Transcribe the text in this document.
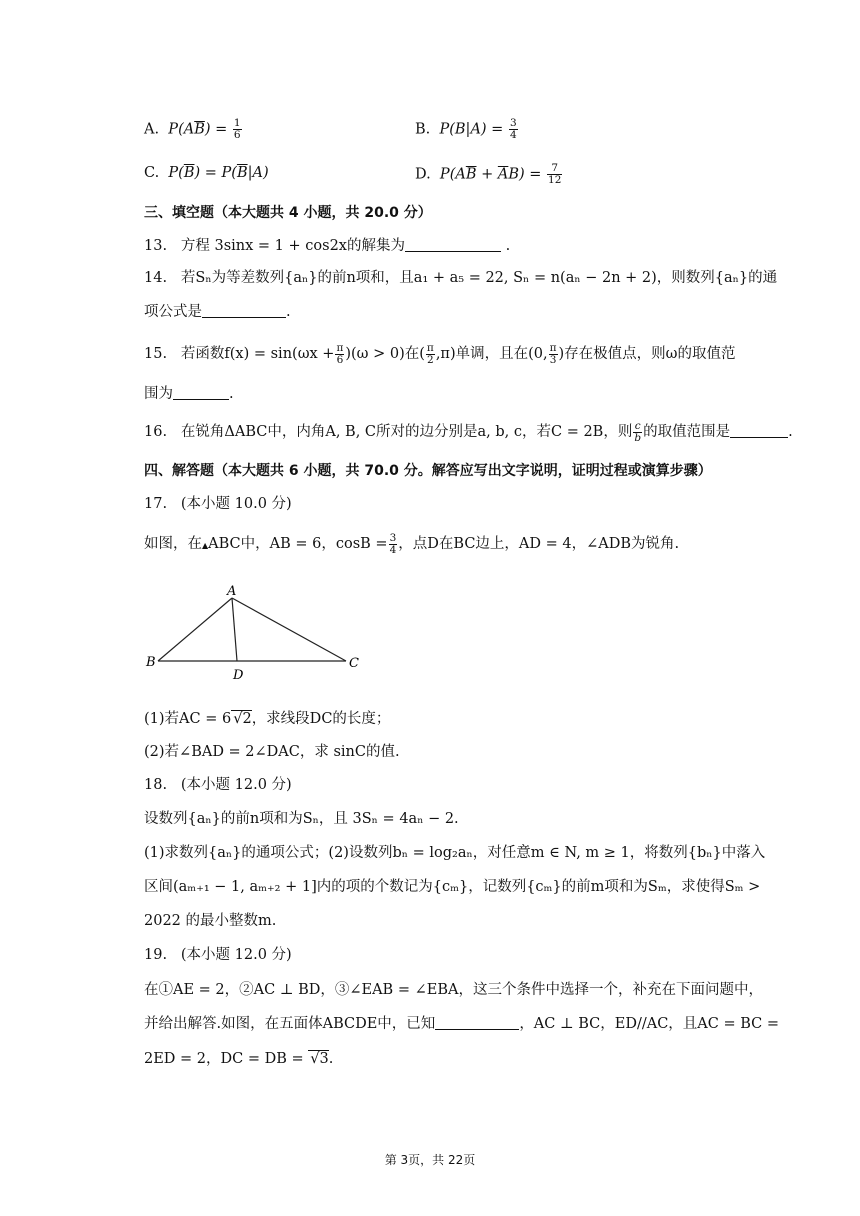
A.  $P(A\overline{B}) = \frac{1}{6}$	B.  $P(B|A) = \frac{3}{4}$
C.  $P(\overline{B}) = P(\overline{B}|A)$	D.  $P(A\overline{B} + \overline{A}B) = \frac{7}{12}$
三、填空题（本大题共 4 小题，共 20.0 分）
13. 方程 3sinx = 1 + cos2x的解集为	.
14. 若Sₙ为等差数列{aₙ}的前n项和，且a₁ + a₅ = 22, Sₙ = n(aₙ − 2n + 2)，则数列{aₙ}的通
项公式是	.
15. 若函数$f(x) = \sin(\omega x + \frac{\pi}{6} )(\omega > 0)$在( $\frac{\pi}{2} ,\pi$)单调，且在(0, $\frac{\pi}{3}$ )存在极值点，则ω的取值范
围为	.
16. 在锐角ΔABC中，内角A, B, C所对的边分别是a, b, c，若C = 2B，则 $\frac{c}{b}$ 的取值范围是	.
四、解答题（本大题共 6 小题，共 70.0 分。解答应写出文字说明，证明过程或演算步骤）
17. (本小题 10.0 分)
如图，在▲ABC中，AB = 6，$\cos B = \frac{3}{4}$ ，点D在BC边上，AD = 4，∠ADB为锐角.
A
B	C
D
(1)若AC = 6 √2，求线段DC的长度；
(2)若∠BAD = 2∠DAC，求 sinC的值.
18. (本小题 12.0 分)
设数列{aₙ}的前n项和为Sₙ，且 3Sₙ = 4aₙ − 2.
(1)求数列{aₙ}的通项公式；(2)设数列bₙ = log₂aₙ，对任意m ∈ N, m ≥ 1，将数列{bₙ}中落入
区间(aₘ₊₁ − 1, aₘ₊₂ + 1]内的项的个数记为{cₘ}，记数列{cₘ}的前m项和为Sₘ，求使得Sₘ >
2022 的最小整数m.
19. (本小题 12.0 分)
在①AE = 2，②AC ⊥ BD，③∠EAB = ∠EBA，这三个条件中选择一个，补充在下面问题中，
并给出解答.如图，在五面体ABCDE中，已知	，AC ⊥ BC，ED//AC，且AC = BC =
2ED = 2，DC = DB = √3.
第 3页，共 22页
